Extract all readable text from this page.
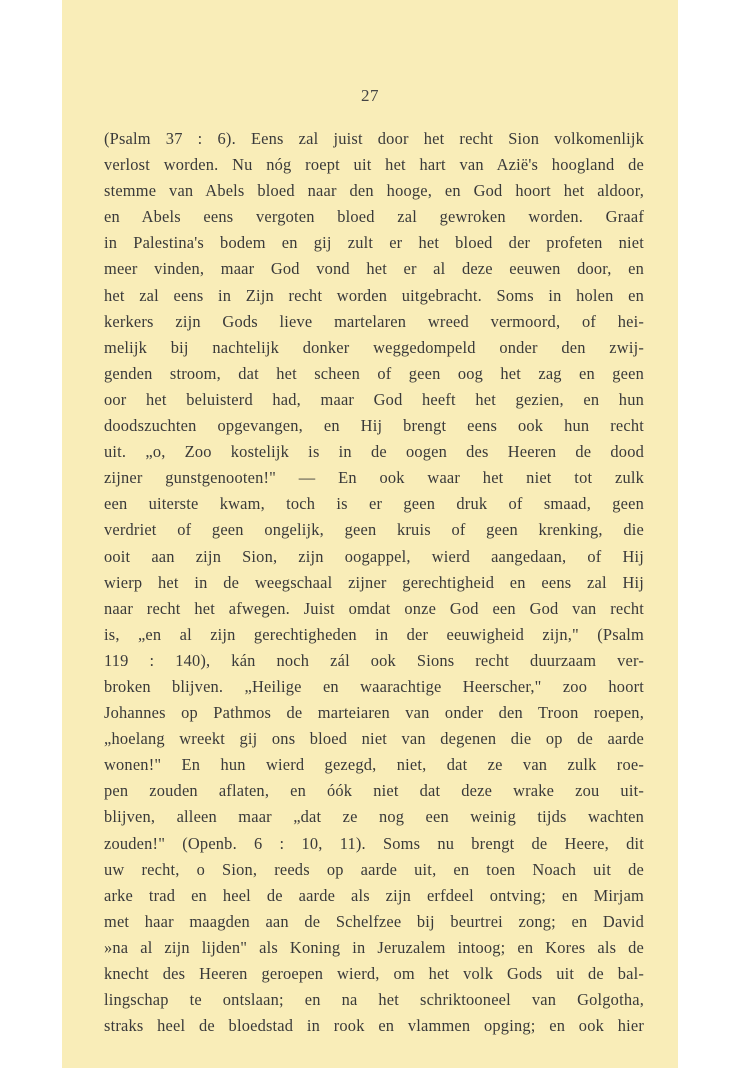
27
(Psalm 37 : 6). Eens zal juist door het recht Sion volkomenlijk
verlost worden. Nu nóg roept uit het hart van Azië's hoogland de
stemme van Abels bloed naar den hooge, en God hoort het aldoor,
en Abels eens vergoten bloed zal gewroken worden. Graaf
in Palestina's bodem en gij zult er het bloed der profeten niet
meer vinden, maar God vond het er al deze eeuwen door, en
het zal eens in Zijn recht worden uitgebracht. Soms in holen en
kerkers zijn Gods lieve martelaren wreed vermoord, of hei-
melijk bij nachtelijk donker weggedompeld onder den zwij-
genden stroom, dat het scheen of geen oog het zag en geen
oor het beluisterd had, maar God heeft het gezien, en hun
doodszuchten opgevangen, en Hij brengt eens ook hun recht
uit. „o, Zoo kostelijk is in de oogen des Heeren de dood
zijner gunstgenooten!" — En ook waar het niet tot zulk
een uiterste kwam, toch is er geen druk of smaad, geen
verdriet of geen ongelijk, geen kruis of geen krenking, die
ooit aan zijn Sion, zijn oogappel, wierd aangedaan, of Hij
wierp het in de weegschaal zijner gerechtigheid en eens zal Hij
naar recht het afwegen. Juist omdat onze God een God van recht
is, „en al zijn gerechtigheden in der eeuwigheid zijn," (Psalm
119 : 140), kán noch zál ook Sions recht duurzaam ver-
broken blijven. „Heilige en waarachtige Heerscher," zoo hoort
Johannes op Pathmos de marteiaren van onder den Troon roepen,
„hoelang wreekt gij ons bloed niet van degenen die op de aarde
wonen!" En hun wierd gezegd, niet, dat ze van zulk roe-
pen zouden aflaten, en óók niet dat deze wrake zou uit-
blijven, alleen maar „dat ze nog een weinig tijds wachten
zouden!" (Openb. 6 : 10, 11). Soms nu brengt de Heere, dit
uw recht, o Sion, reeds op aarde uit, en toen Noach uit de
arke trad en heel de aarde als zijn erfdeel ontving; en Mirjam
met haar maagden aan de Schelfzee bij beurtrei zong; en David
»na al zijn lijden" als Koning in Jeruzalem intoog; en Kores als de
knecht des Heeren geroepen wierd, om het volk Gods uit de bal-
lingschap te ontslaan; en na het schriktooneel van Golgotha,
straks heel de bloedstad in rook en vlammen opging; en ook hier
